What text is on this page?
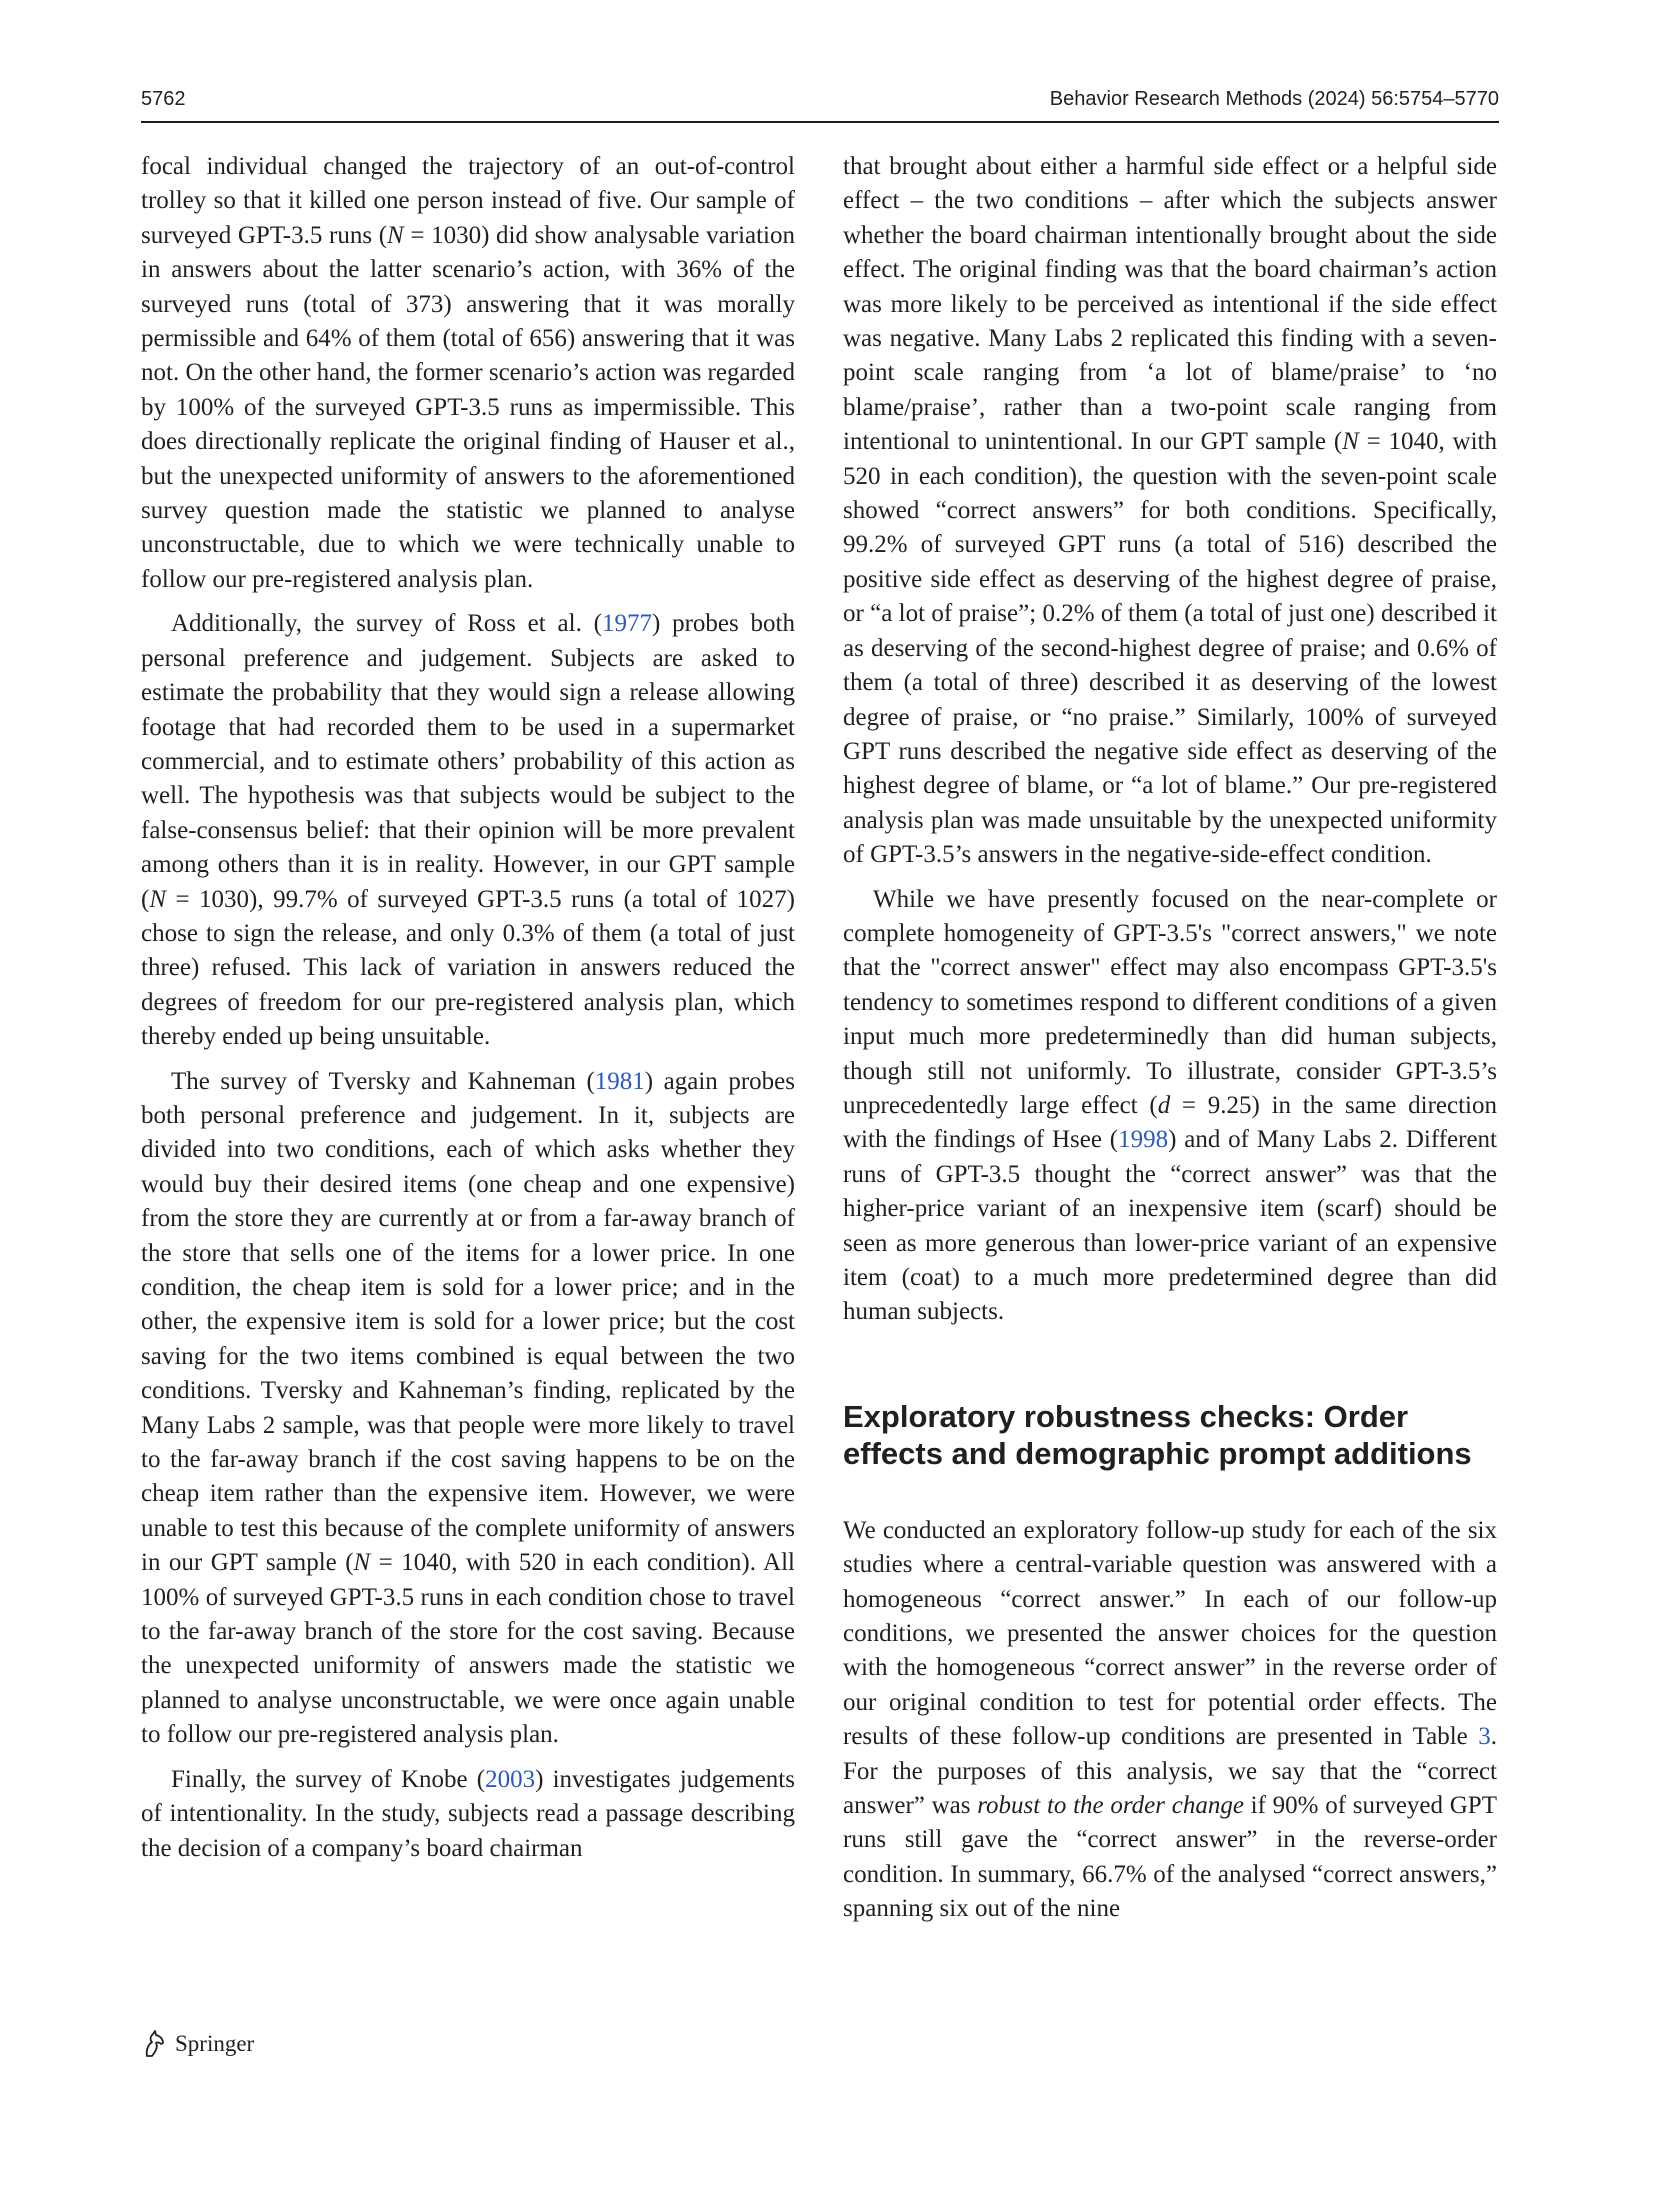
5762	Behavior Research Methods (2024) 56:5754–5770

focal individual changed the trajectory of an out-of-control trolley so that it killed one person instead of five. Our sample of surveyed GPT-3.5 runs (N = 1030) did show analysable variation in answers about the latter scenario’s action, with 36% of the surveyed runs (total of 373) answering that it was morally permissible and 64% of them (total of 656) answering that it was not. On the other hand, the former scenario’s action was regarded by 100% of the surveyed GPT-3.5 runs as impermissible. This does directionally replicate the original finding of Hauser et al., but the unexpected uniformity of answers to the aforementioned survey question made the statistic we planned to analyse unconstructable, due to which we were technically unable to follow our pre-registered analysis plan.

Additionally, the survey of Ross et al. (1977) probes both personal preference and judgement. Subjects are asked to estimate the probability that they would sign a release allowing footage that had recorded them to be used in a supermarket commercial, and to estimate others’ probability of this action as well. The hypothesis was that subjects would be subject to the false-consensus belief: that their opinion will be more prevalent among others than it is in reality. However, in our GPT sample (N = 1030), 99.7% of surveyed GPT-3.5 runs (a total of 1027) chose to sign the release, and only 0.3% of them (a total of just three) refused. This lack of variation in answers reduced the degrees of freedom for our pre-registered analysis plan, which thereby ended up being unsuitable.

The survey of Tversky and Kahneman (1981) again probes both personal preference and judgement. In it, subjects are divided into two conditions, each of which asks whether they would buy their desired items (one cheap and one expensive) from the store they are currently at or from a far-away branch of the store that sells one of the items for a lower price. In one condition, the cheap item is sold for a lower price; and in the other, the expensive item is sold for a lower price; but the cost saving for the two items combined is equal between the two conditions. Tversky and Kahneman’s finding, replicated by the Many Labs 2 sample, was that people were more likely to travel to the far-away branch if the cost saving happens to be on the cheap item rather than the expensive item. However, we were unable to test this because of the complete uniformity of answers in our GPT sample (N = 1040, with 520 in each condition). All 100% of surveyed GPT-3.5 runs in each condition chose to travel to the far-away branch of the store for the cost saving. Because the unexpected uniformity of answers made the statistic we planned to analyse unconstructable, we were once again unable to follow our pre-registered analysis plan.

Finally, the survey of Knobe (2003) investigates judgements of intentionality. In the study, subjects read a passage describing the decision of a company’s board chairman

that brought about either a harmful side effect or a helpful side effect – the two conditions – after which the subjects answer whether the board chairman intentionally brought about the side effect. The original finding was that the board chairman’s action was more likely to be perceived as intentional if the side effect was negative. Many Labs 2 replicated this finding with a seven-point scale ranging from ‘a lot of blame/praise’ to ‘no blame/praise’, rather than a two-point scale ranging from intentional to unintentional. In our GPT sample (N = 1040, with 520 in each condition), the question with the seven-point scale showed “correct answers” for both conditions. Specifically, 99.2% of surveyed GPT runs (a total of 516) described the positive side effect as deserving of the highest degree of praise, or “a lot of praise”; 0.2% of them (a total of just one) described it as deserving of the second-highest degree of praise; and 0.6% of them (a total of three) described it as deserving of the lowest degree of praise, or “no praise.” Similarly, 100% of surveyed GPT runs described the negative side effect as deserving of the highest degree of blame, or “a lot of blame.” Our pre-registered analysis plan was made unsuitable by the unexpected uniformity of GPT-3.5’s answers in the negative-side-effect condition.

While we have presently focused on the near-complete or complete homogeneity of GPT-3.5's "correct answers," we note that the "correct answer" effect may also encompass GPT-3.5's tendency to sometimes respond to different conditions of a given input much more predeterminedly than did human subjects, though still not uniformly. To illustrate, consider GPT-3.5’s unprecedentedly large effect (d = 9.25) in the same direction with the findings of Hsee (1998) and of Many Labs 2. Different runs of GPT-3.5 thought the “correct answer” was that the higher-price variant of an inexpensive item (scarf) should be seen as more generous than lower-price variant of an expensive item (coat) to a much more predetermined degree than did human subjects.

Exploratory robustness checks: Order effects and demographic prompt additions

We conducted an exploratory follow-up study for each of the six studies where a central-variable question was answered with a homogeneous “correct answer.” In each of our follow-up conditions, we presented the answer choices for the question with the homogeneous “correct answer” in the reverse order of our original condition to test for potential order effects. The results of these follow-up conditions are presented in Table 3. For the purposes of this analysis, we say that the “correct answer” was robust to the order change if 90% of surveyed GPT runs still gave the “correct answer” in the reverse-order condition. In summary, 66.7% of the analysed “correct answers,” spanning six out of the nine

Springer
